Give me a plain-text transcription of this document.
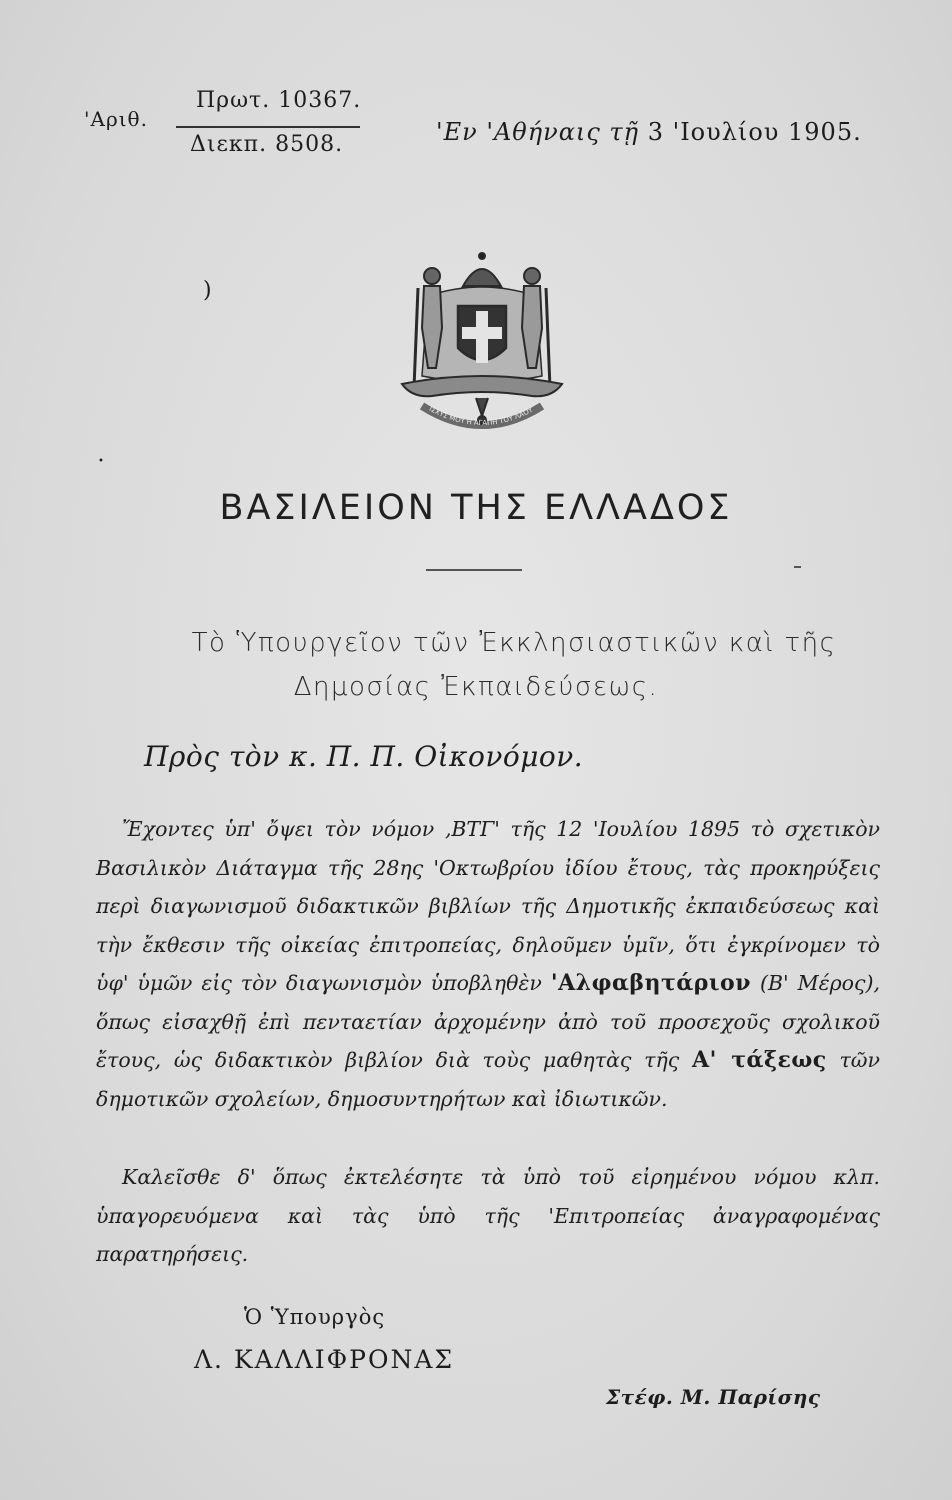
'Αριθ.
Πρωτ. 10367.
Διεκπ. 8508.	'Εν 'Αθήναις τῇ 3 'Ιουλίου 1905.
)
ΙΣΧΥΣ ΜΟΥ Η ΑΓΑΠΗ ΤΟΥ ΛΑΟΥ
•
ΒΑΣΙΛΕΙΟΝ ΤΗΣ ΕΛΛΑΔΟΣ
Τὸ Ὑπουργεῖον τῶν Ἐκκλησιαστικῶν καὶ τῆς
Δημοσίας Ἐκπαιδεύσεως.
Πρὸς τὸν κ. Π. Π. Οἰκονόμον.
Ἔχοντες ὑπ' ὄψει τὸν νόμον ‚ΒΤΓ' τῆς 12 'Ιουλίου 1895 τὸ σχετικὸν Βασιλικὸν Διάταγμα τῆς 28ης 'Οκτωβρίου ἰδίου ἔτους, τὰς προκηρύξεις περὶ διαγωνισμοῦ διδακτικῶν βιβλίων τῆς Δημοτικῆς ἐκπαιδεύσεως καὶ τὴν ἔκθεσιν τῆς οἰκείας ἐπιτροπείας, δηλοῦμεν ὑμῖν, ὅτι ἐγκρίνομεν τὸ ὑφ' ὑμῶν εἰς τὸν διαγωνισμὸν ὑποβληθὲν 'Αλφαβητάριον (Β' Μέρος), ὅπως εἰσαχθῇ ἐπὶ πενταετίαν ἀρχομένην ἀπὸ τοῦ προσεχοῦς σχολικοῦ ἔτους, ὡς διδακτικὸν βιβλίον διὰ τοὺς μαθητὰς τῆς Α' τάξεως τῶν δημοτικῶν σχολείων, δημοσυντηρήτων καὶ ἰδιωτικῶν.
Καλεῖσθε δ' ὅπως ἐκτελέσητε τὰ ὑπὸ τοῦ εἰρημένου νόμου κλπ. ὑπαγορευόμενα καὶ τὰς ὑπὸ τῆς 'Επιτροπείας ἀναγραφομένας παρατηρήσεις.
Ὁ Ὑπουργὸς
Λ. ΚΑΛΛΙΦΡΟΝΑΣ
Στέφ. Μ. Παρίσης
